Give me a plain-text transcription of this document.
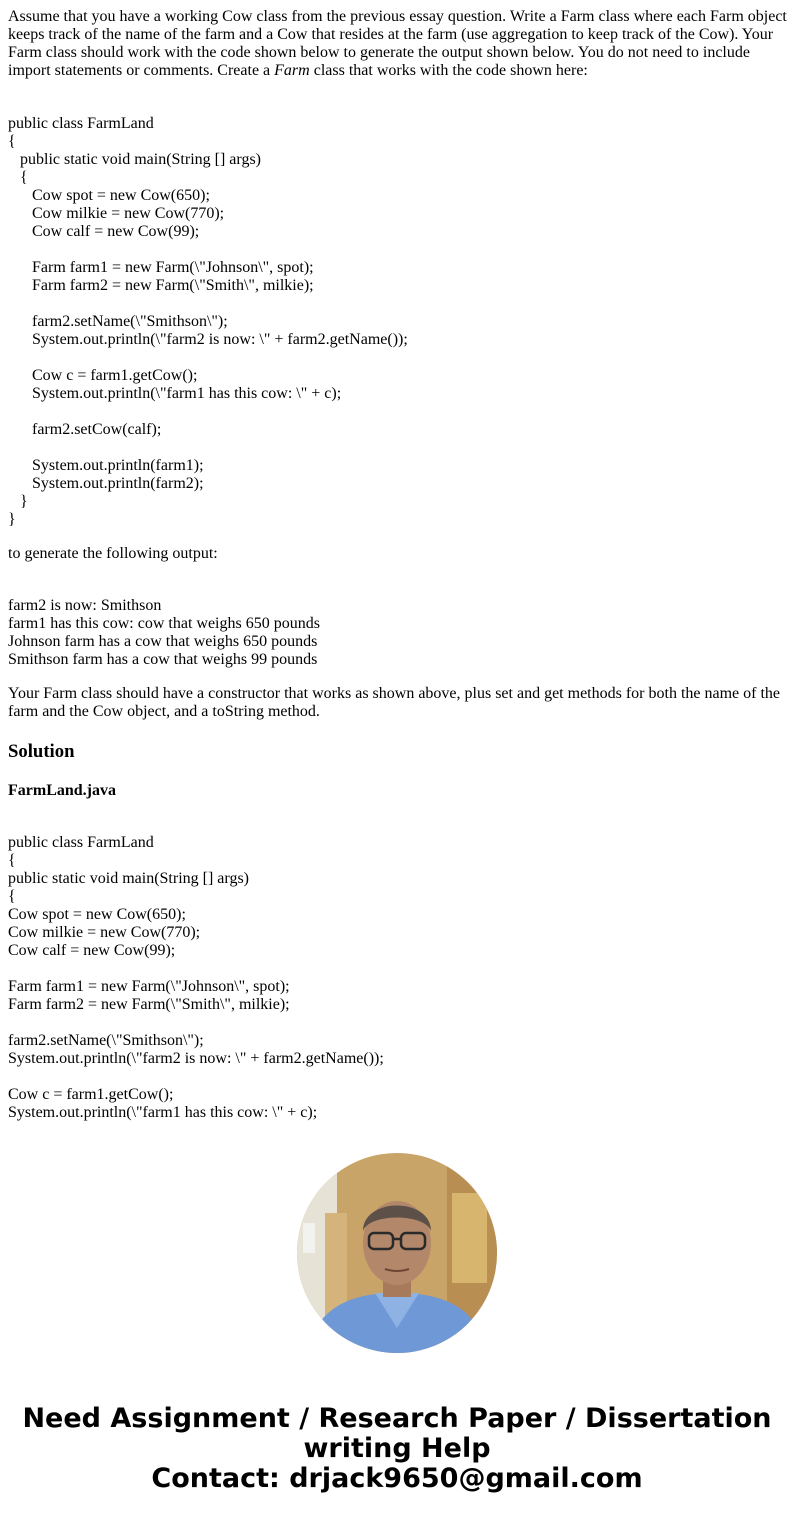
Assume that you have a working Cow class from the previous essay question. Write a Farm class where each Farm object keeps track of the name of the farm and a Cow that resides at the farm (use aggregation to keep track of the Cow). Your Farm class should work with the code shown below to generate the output shown below. You do not need to include import statements or comments. Create a Farm class that works with the code shown here:

public class FarmLand
{
public static void main(String [] args)
{
Cow spot = new Cow(650);
Cow milkie = new Cow(770);
Cow calf = new Cow(99);
Farm farm1 = new Farm(\"Johnson\", spot);
Farm farm2 = new Farm(\"Smith\", milkie);
farm2.setName(\"Smithson\");
System.out.println(\"farm2 is now: \" + farm2.getName());
Cow c = farm1.getCow();
System.out.println(\"farm1 has this cow: \" + c);
farm2.setCow(calf);
System.out.println(farm1);
System.out.println(farm2);
}
}

to generate the following output:

farm2 is now: Smithson
farm1 has this cow: cow that weighs 650 pounds
Johnson farm has a cow that weighs 650 pounds
Smithson farm has a cow that weighs 99 pounds

Your Farm class should have a constructor that works as shown above, plus set and get methods for both the name of the farm and the Cow object, and a toString method.

Solution
FarmLand.java
public class FarmLand
{
public static void main(String [] args)
{
Cow spot = new Cow(650);
Cow milkie = new Cow(770);
Cow calf = new Cow(99);
Farm farm1 = new Farm(\"Johnson\", spot);
Farm farm2 = new Farm(\"Smith\", milkie);
farm2.setName(\"Smithson\");
System.out.println(\"farm2 is now: \" + farm2.getName());
Cow c = farm1.getCow();
System.out.println(\"farm1 has this cow: \" + c);
Need Assignment / Research Paper / Dissertation
writing Help
Contact: drjack9650@gmail.com
